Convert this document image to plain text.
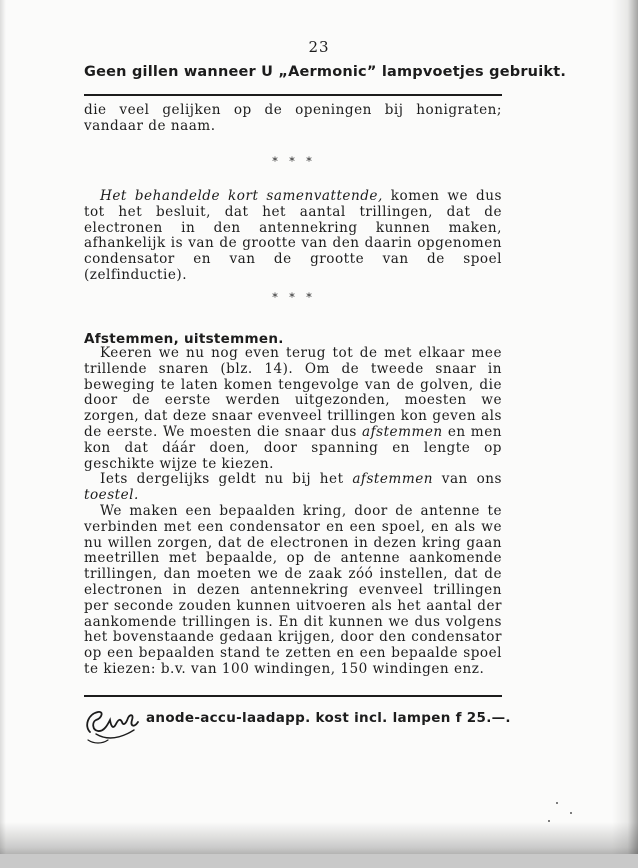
23
Geen gillen wanneer U „Aermonic” lampvoetjes gebruikt.

die veel gelijken op de openingen bij honigraten; vandaar de naam.

* * *

Het behandelde kort samenvattende, komen we dus tot het besluit, dat het aantal trillingen, dat de electronen in den antennekring kunnen maken, afhankelijk is van de grootte van den daarin opgenomen condensator en van de grootte van de spoel (zelfinductie).

* * *
Afstemmen, uitstemmen.

Keeren we nu nog even terug tot de met elkaar mee trillende snaren (blz. 14). Om de tweede snaar in beweging te laten komen tengevolge van de golven, die door de eerste werden uitgezonden, moesten we zorgen, dat deze snaar evenveel trillingen kon geven als de eerste. We moesten die snaar dus afstemmen en men kon dat dáár doen, door spanning en lengte op geschikte wijze te kiezen.

Iets dergelijks geldt nu bij het afstemmen van ons toestel.

We maken een bepaalden kring, door de antenne te verbinden met een condensator en een spoel, en als we nu willen zorgen, dat de electronen in dezen kring gaan meetrillen met bepaalde, op de antenne aankomende trillingen, dan moeten we de zaak zóó instellen, dat de electronen in dezen antennekring evenveel trillingen per seconde zouden kunnen uitvoeren als het aantal der aankomende trillingen is. En dit kunnen we dus volgens het bovenstaande gedaan krijgen, door den condensator op een bepaalden stand te zetten en een bepaalde spoel te kiezen: b.v. van 100 windingen, 150 windingen enz.

anode-accu-laadapp. kost incl. lampen f 25.—.
